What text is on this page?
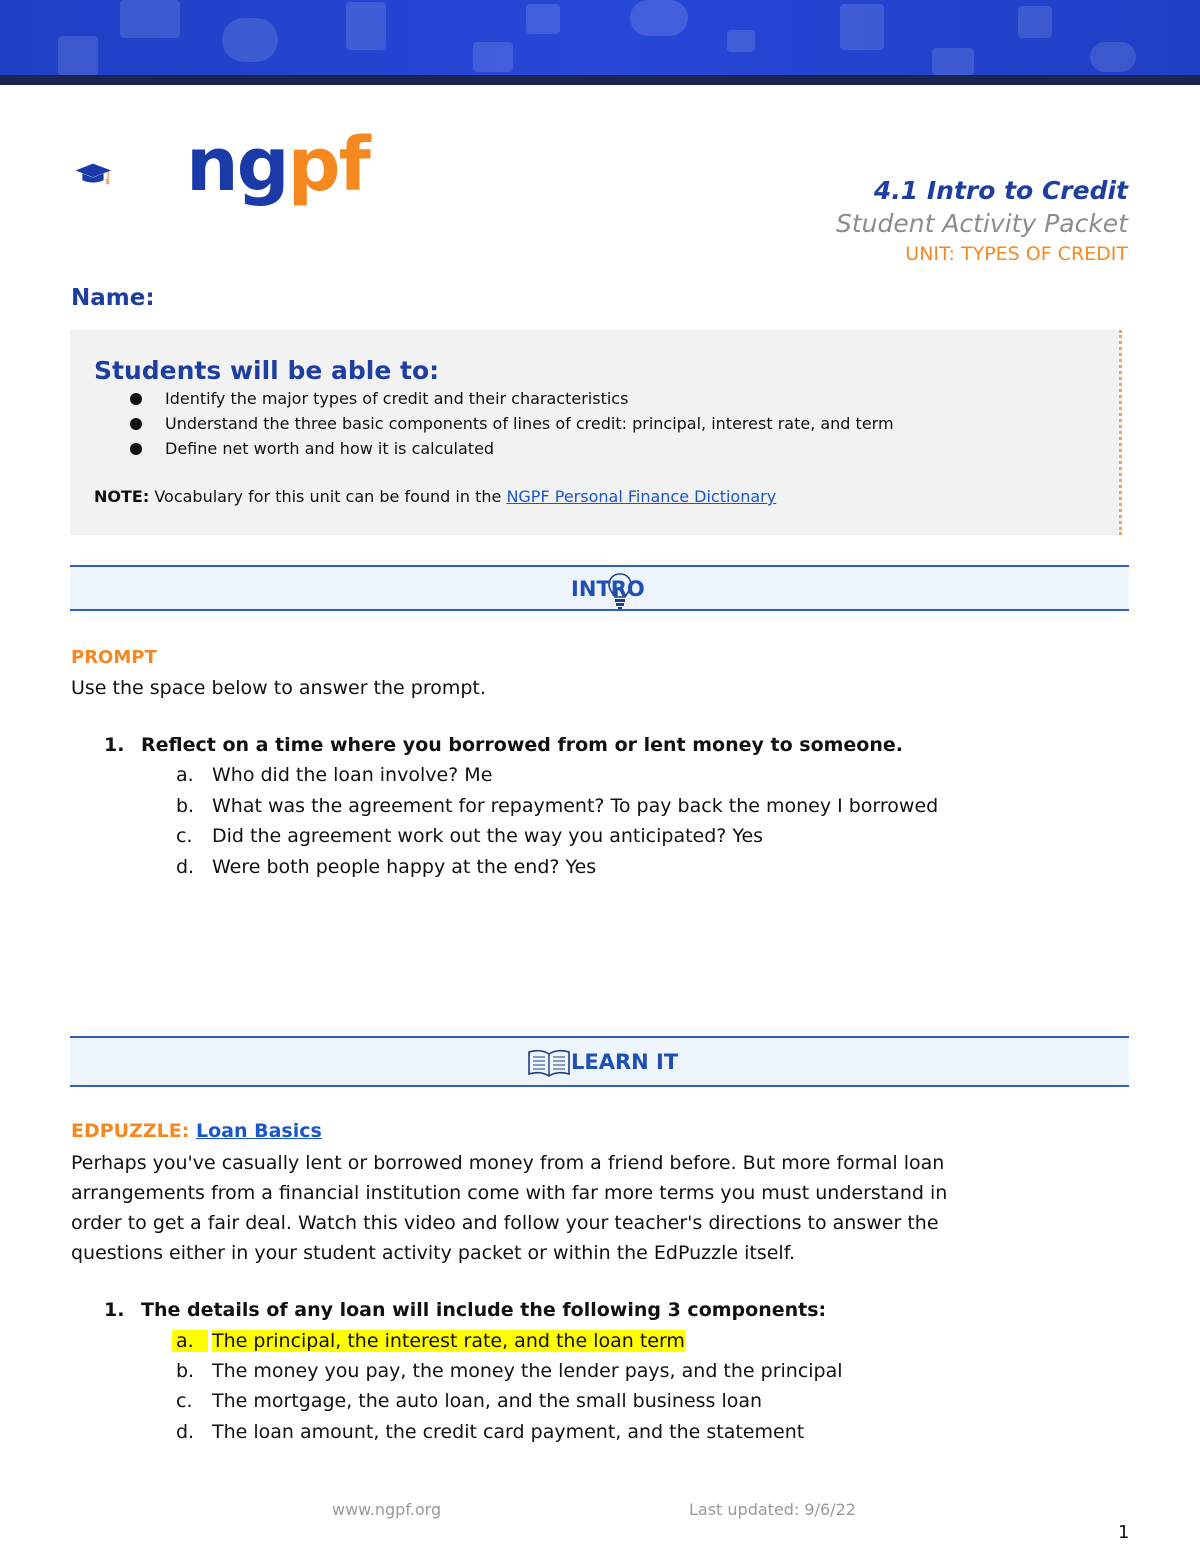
$ ngpf	4.1 Intro to Credit
Student Activity Packet
UNIT: TYPES OF CREDIT
Name:
Students will be able to:
Identify the major types of credit and their characteristics
Understand the three basic components of lines of credit: principal, interest rate, and term
Define net worth and how it is calculated
NOTE: Vocabulary for this unit can be found in the NGPF Personal Finance Dictionary
INTRO
PROMPT
Use the space below to answer the prompt.
1. Reflect on a time where you borrowed from or lent money to someone.
a. Who did the loan involve? Me
b. What was the agreement for repayment? To pay back the money I borrowed
c. Did the agreement work out the way you anticipated? Yes
d. Were both people happy at the end? Yes
LEARN IT
EDPUZZLE: Loan Basics
Perhaps you've casually lent or borrowed money from a friend before. But more formal loan
arrangements from a financial institution come with far more terms you must understand in
order to get a fair deal. Watch this video and follow your teacher's directions to answer the
questions either in your student activity packet or within the EdPuzzle itself.
1. The details of any loan will include the following 3 components:
a. The principal, the interest rate, and the loan term
b. The money you pay, the money the lender pays, and the principal
c. The mortgage, the auto loan, and the small business loan
d. The loan amount, the credit card payment, and the statement
www.ngpf.org	Last updated: 9/6/22
1
